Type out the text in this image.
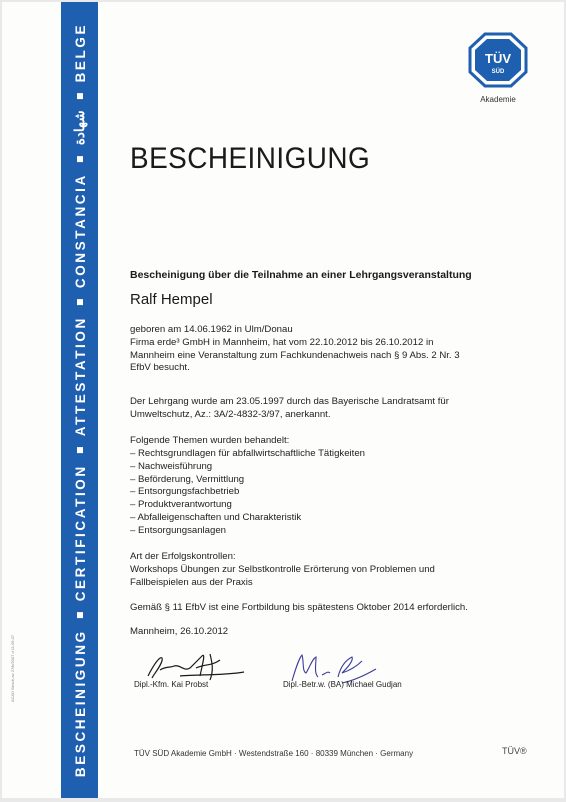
BESCHEINIGUNG
CERTIFICATION
ATTESTATION
CONSTANCIA
شهادة
BELGE
ACAD Besch-sv 27/k/2007 d 11.09.07
TÜV
SÜD
Akademie
BESCHEINIGUNG
Bescheinigung über die Teilnahme an einer Lehrgangsveranstaltung
Ralf Hempel
geboren am 14.06.1962 in Ulm/Donau
Firma erde³ GmbH in Mannheim, hat vom 22.10.2012 bis 26.10.2012 in
Mannheim eine Veranstaltung zum Fachkundenachweis nach § 9 Abs. 2 Nr. 3
EfbV besucht.
Der Lehrgang wurde am 23.05.1997 durch das Bayerische Landratsamt für
Umweltschutz, Az.: 3A/2-4832-3/97, anerkannt.
Folgende Themen wurden behandelt:
– Rechtsgrundlagen für abfallwirtschaftliche Tätigkeiten
– Nachweisführung
– Beförderung, Vermittlung
– Entsorgungsfachbetrieb
– Produktverantwortung
– Abfalleigenschaften und Charakteristik
– Entsorgungsanlagen
Art der Erfolgskontrollen:
Workshops Übungen zur Selbstkontrolle Erörterung von Problemen und
Fallbeispielen aus der Praxis
Gemäß § 11 EfbV ist eine Fortbildung bis spätestens Oktober 2014 erforderlich.
Mannheim, 26.10.2012
Dipl.-Kfm. Kai Probst	Dipl.-Betr.w. (BA) Michael Gudjan
TÜV SÜD Akademie GmbH · Westendstraße 160 · 80339 München · Germany	TÜV®
